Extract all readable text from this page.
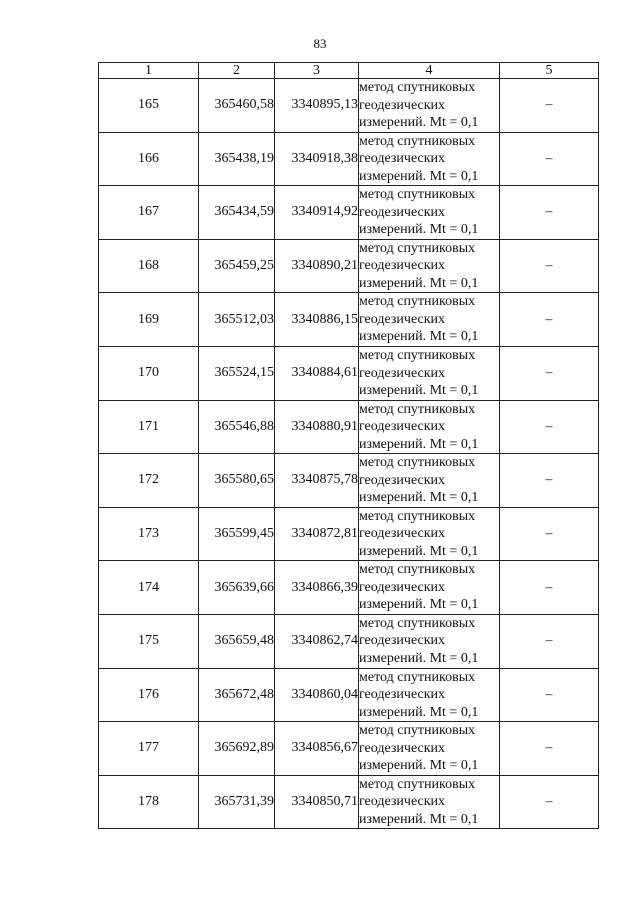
83
1	2	3	4	5
165	365460,58	3340895,13	метод спутниковых
геодезических
измерений. Mt = 0,1	–
166	365438,19	3340918,38	метод спутниковых
геодезических
измерений. Mt = 0,1	–
167	365434,59	3340914,92	метод спутниковых
геодезических
измерений. Mt = 0,1	–
168	365459,25	3340890,21	метод спутниковых
геодезических
измерений. Mt = 0,1	–
169	365512,03	3340886,15	метод спутниковых
геодезических
измерений. Mt = 0,1	–
170	365524,15	3340884,61	метод спутниковых
геодезических
измерений. Mt = 0,1	–
171	365546,88	3340880,91	метод спутниковых
геодезических
измерений. Mt = 0,1	–
172	365580,65	3340875,78	метод спутниковых
геодезических
измерений. Mt = 0,1	–
173	365599,45	3340872,81	метод спутниковых
геодезических
измерений. Mt = 0,1	–
174	365639,66	3340866,39	метод спутниковых
геодезических
измерений. Mt = 0,1	–
175	365659,48	3340862,74	метод спутниковых
геодезических
измерений. Mt = 0,1	–
176	365672,48	3340860,04	метод спутниковых
геодезических
измерений. Mt = 0,1	–
177	365692,89	3340856,67	метод спутниковых
геодезических
измерений. Mt = 0,1	–
178	365731,39	3340850,71	метод спутниковых
геодезических
измерений. Mt = 0,1	–
